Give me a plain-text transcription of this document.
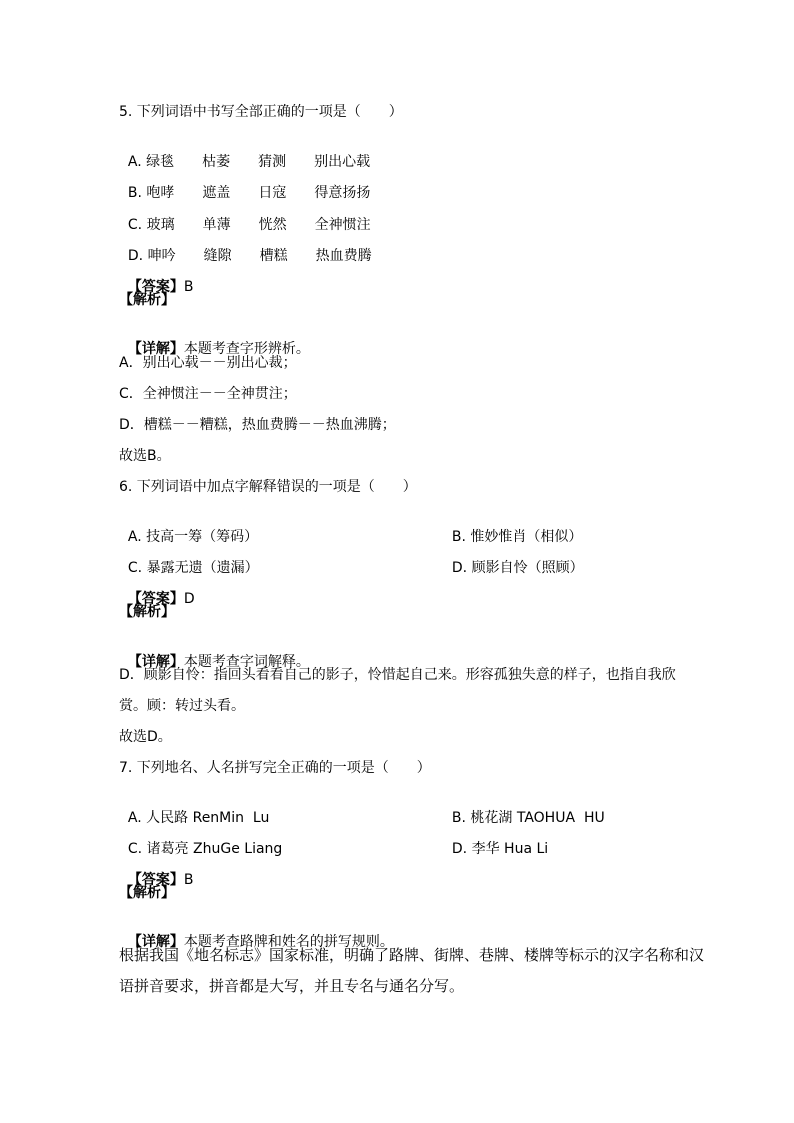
5. 下列词语中书写全部正确的一项是（　　）

A. 绿毯 枯萎 猜测 别出心载

B. 咆哮 遮盖 日寇 得意扬扬

C. 玻璃 单薄 恍然 全神惯注

D. 呻吟 缝隙 槽糕 热血费腾

【答案】B

【解析】

【详解】本题考查字形辨析。

A．别出心载－－别出心裁；
C．全神惯注－－全神贯注；
D．槽糕－－糟糕，热血费腾－－热血沸腾；
故选B。
6. 下列词语中加点字解释错误的一项是（　　）

A. 技高一筹（筹码）	B. 惟妙惟肖（相似）

C. 暴露无遗（遗漏）	D. 顾影自怜（照顾）

【答案】D

【解析】

【详解】本题考查字词解释。

D．顾影自怜：指回头看看自己的影子，怜惜起自己来。形容孤独失意的样子，也指自我欣
赏。顾：转过头看。
故选D。
7. 下列地名、人名拼写完全正确的一项是（　　）

A. 人民路 RenMin  Lu	B. 桃花湖 TAOHUA  HU

C. 诸葛亮 ZhuGe Liang	D. 李华 Hua Li

【答案】B

【解析】

【详解】本题考查路牌和姓名的拼写规则。

根据我国《地名标志》国家标准，明确了路牌、街牌、巷牌、楼牌等标示的汉字名称和汉
语拼音要求，拼音都是大写，并且专名与通名分写。
